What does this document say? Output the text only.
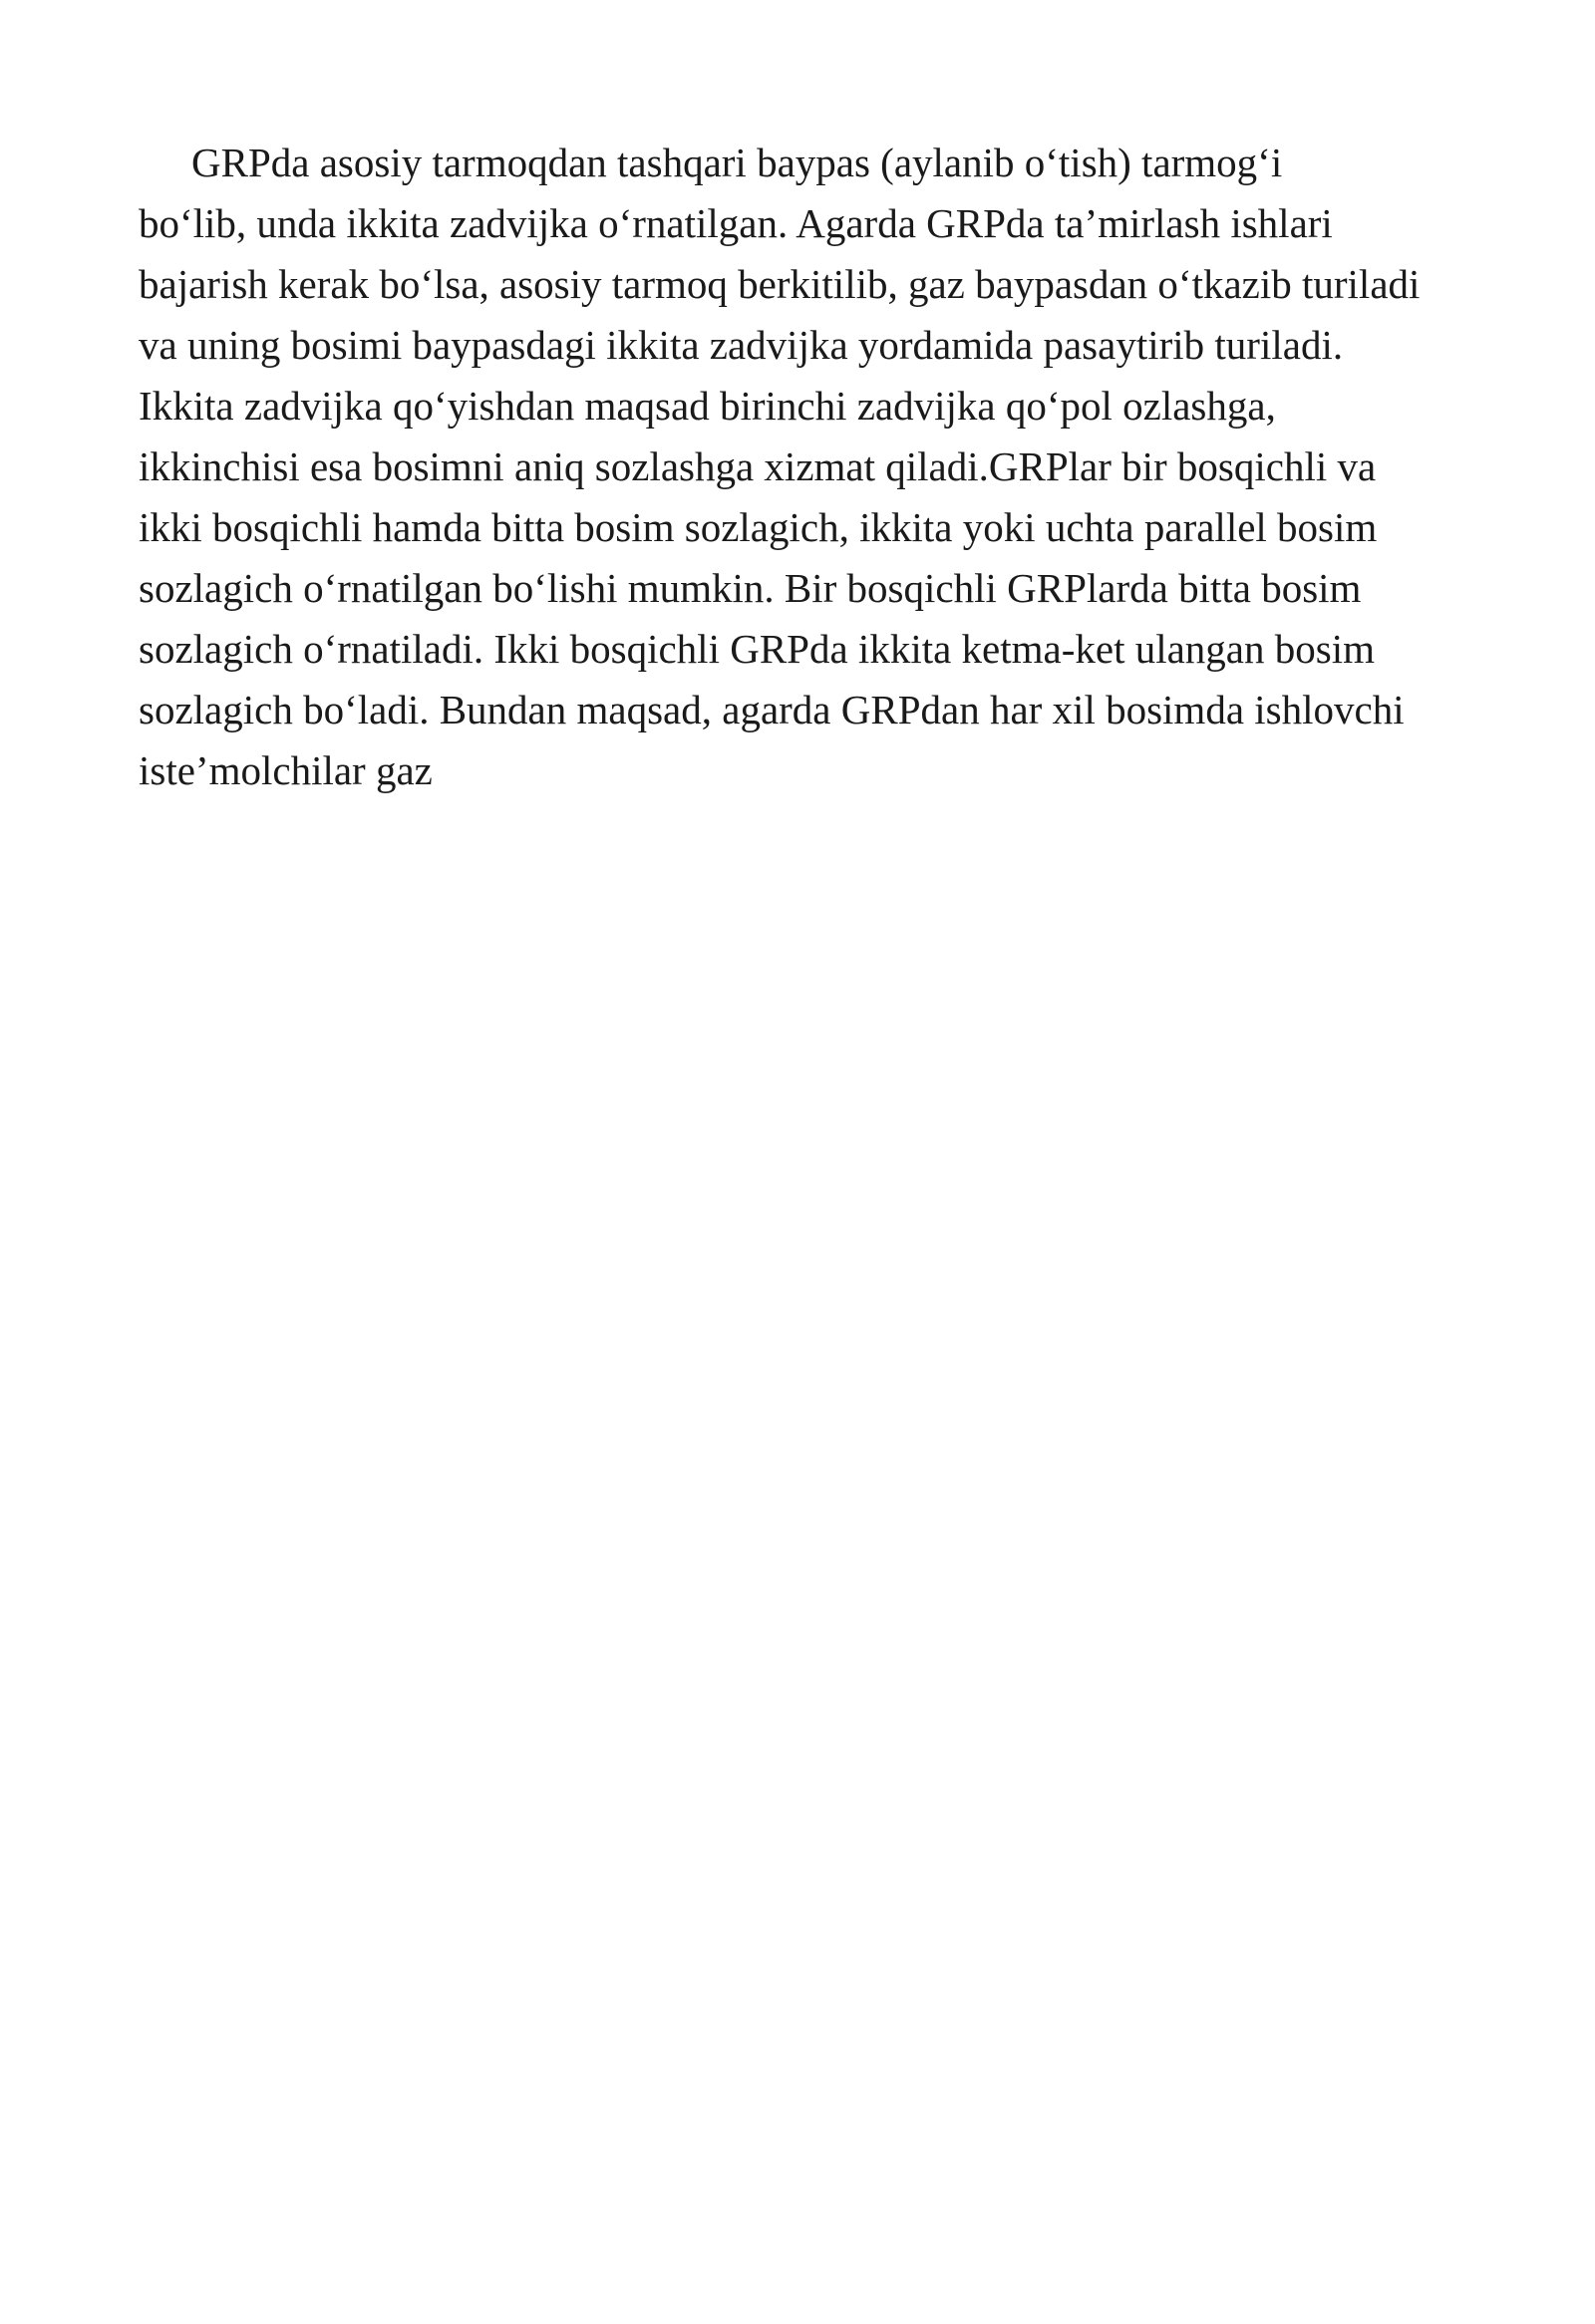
GRPda asosiy tarmoqdan tashqari baypas (aylanib o‘tish) tarmog‘i
bo‘lib, unda ikkita zadvijka o‘rnatilgan. Agarda GRPda ta’mirlash ishlari
bajarish kerak bo‘lsa, asosiy tarmoq berkitilib, gaz baypasdan o‘tkazib turiladi
va uning bosimi baypasdagi ikkita zadvijka yordamida pasaytirib turiladi.
Ikkita zadvijka qo‘yishdan maqsad birinchi zadvijka qo‘pol ozlashga,
ikkinchisi esa bosimni aniq sozlashga xizmat qiladi.GRPlar bir bosqichli va
ikki bosqichli hamda bitta bosim sozlagich, ikkita yoki uchta parallel bosim
sozlagich o‘rnatilgan bo‘lishi mumkin. Bir bosqichli GRPlarda bitta bosim
sozlagich o‘rnatiladi. Ikki bosqichli GRPda ikkita ketma-ket ulangan bosim
sozlagich bo‘ladi. Bundan maqsad, agarda GRPdan har xil bosimda ishlovchi
iste’molchilar gaz
